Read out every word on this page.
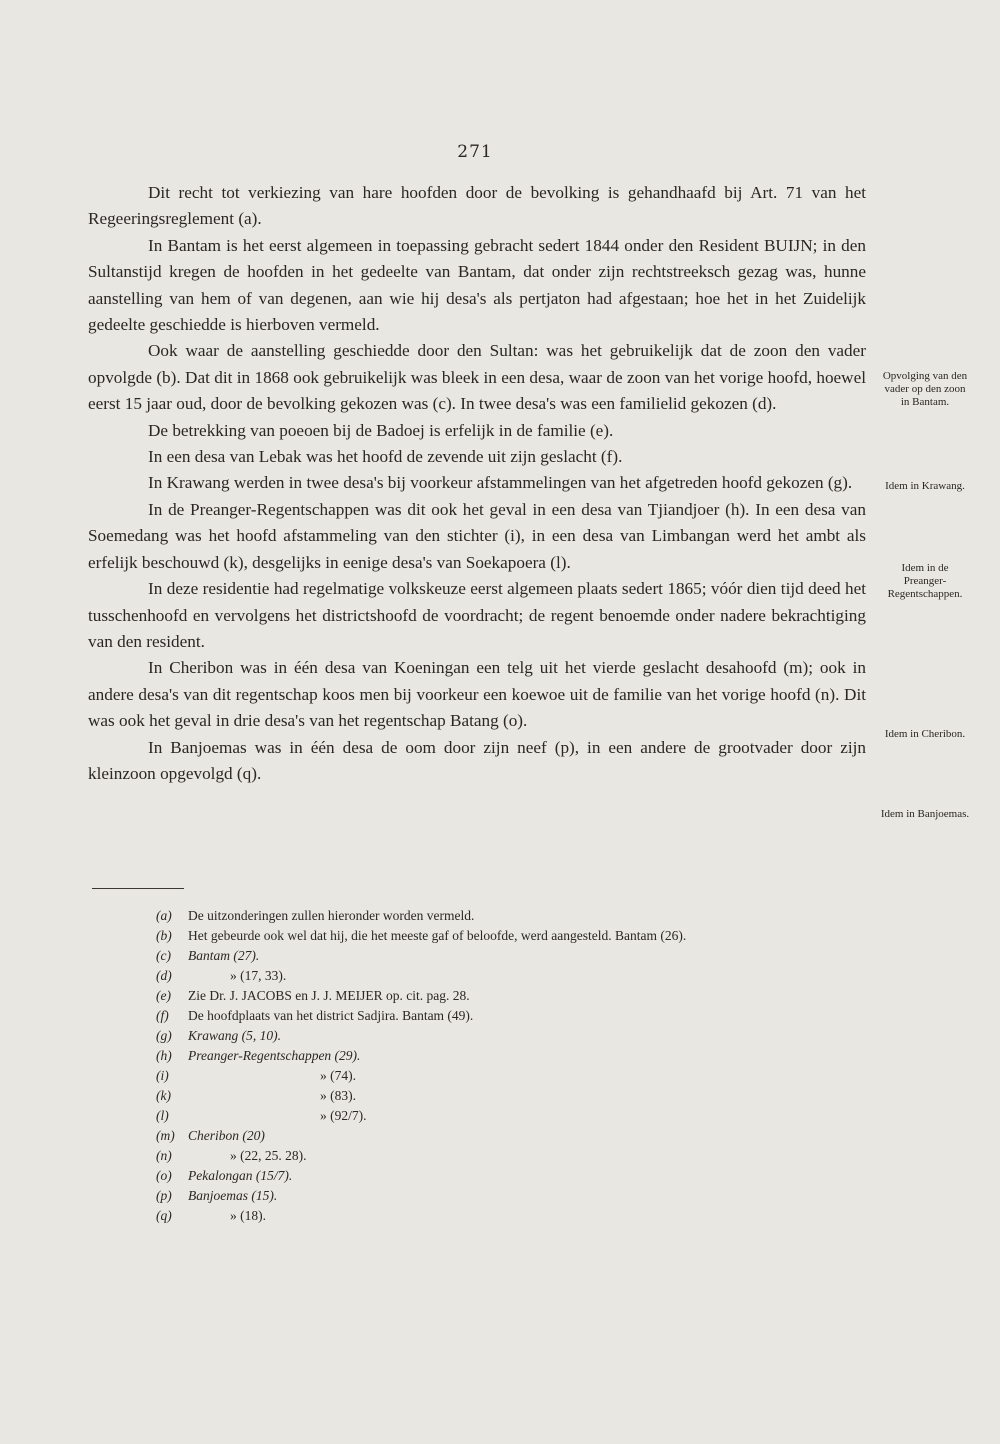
271

Dit recht tot verkiezing van hare hoofden door de bevolking is gehandhaafd bij Art. 71 van het Regeeringsreglement (a).

In Bantam is het eerst algemeen in toepassing gebracht sedert 1844 onder den Resident BUIJN; in den Sultanstijd kregen de hoofden in het gedeelte van Bantam, dat onder zijn rechtstreeksch gezag was, hunne aanstelling van hem of van degenen, aan wie hij desa's als pertjaton had afgestaan; hoe het in het Zuidelijk gedeelte geschiedde is hierboven vermeld.

Ook waar de aanstelling geschiedde door den Sultan: was het gebruikelijk dat de zoon den vader opvolgde (b). Dat dit in 1868 ook gebruikelijk was bleek in een desa, waar de zoon van het vorige hoofd, hoewel eerst 15 jaar oud, door de bevolking gekozen was (c). In twee desa's was een familielid gekozen (d).

De betrekking van poeoen bij de Badoej is erfelijk in de familie (e).

In een desa van Lebak was het hoofd de zevende uit zijn geslacht (f).

In Krawang werden in twee desa's bij voorkeur afstammelingen van het afgetreden hoofd gekozen (g).

In de Preanger-Regentschappen was dit ook het geval in een desa van Tjiandjoer (h). In een desa van Soemedang was het hoofd afstammeling van den stichter (i), in een desa van Limbangan werd het ambt als erfelijk beschouwd (k), desgelijks in eenige desa's van Soekapoera (l).

In deze residentie had regelmatige volkskeuze eerst algemeen plaats sedert 1865; vóór dien tijd deed het tusschenhoofd en vervolgens het districtshoofd de voordracht; de regent benoemde onder nadere bekrachtiging van den resident.

In Cheribon was in één desa van Koeningan een telg uit het vierde geslacht desahoofd (m); ook in andere desa's van dit regentschap koos men bij voorkeur een koewoe uit de familie van het vorige hoofd (n). Dit was ook het geval in drie desa's van het regentschap Batang (o).

In Banjoemas was in één desa de oom door zijn neef (p), in een andere de grootvader door zijn kleinzoon opgevolgd (q).

Opvolging van den vader op den zoon in Bantam.
Idem in Krawang.
Idem in de Preanger-Regentschappen.
Idem in Cheribon.
Idem in Banjoemas.
(a)	De uitzonderingen zullen hieronder worden vermeld.
(b)	Het gebeurde ook wel dat hij, die het meeste gaf of beloofde, werd aangesteld. Bantam (26).
(c)	Bantam (27).
(d)	» (17, 33).
(e)	Zie Dr. J. JACOBS en J. J. MEIJER op. cit. pag. 28.
(f)	De hoofdplaats van het district Sadjira. Bantam (49).
(g)	Krawang (5, 10).
(h)	Preanger-Regentschappen (29).
(i)	» (74).
(k)	» (83).
(l)	» (92/7).
(m) Cheribon (20)
(n)	» (22, 25. 28).
(o)	Pekalongan (15/7).
(p)	Banjoemas (15).
(q)	» (18).
